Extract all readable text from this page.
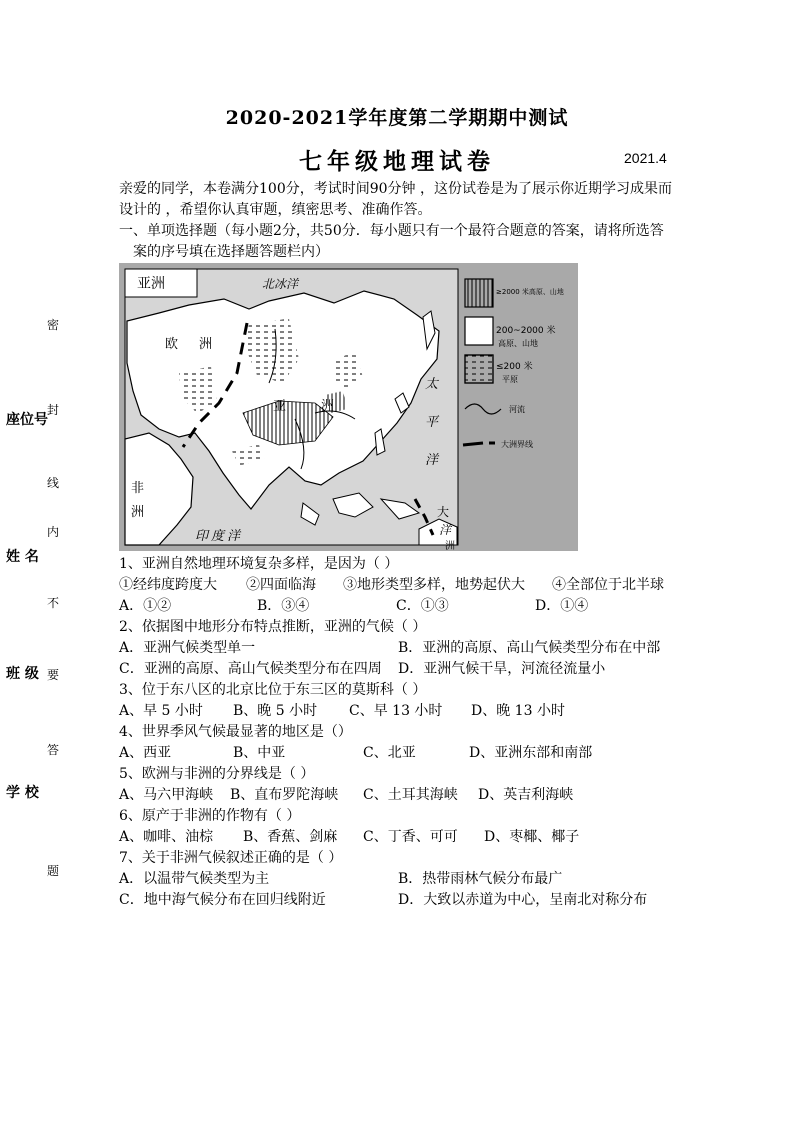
2020-2021学年度第二学期期中测试
七年级地理试卷	2021.4
亲爱的同学，本卷满分100分，考试时间90分钟 ，这份试卷是为了展示你近期学习成果而
设计的 ，希望你认真审题，缜密思考、准确作答。
一、单项选择题（每小题2分，共50分．每小题只有一个最符合题意的答案，请将所选答
案的序号填在选择题答题栏内）
密
封
线
内
不
要
答
题
座位号
姓 名
班 级
学 校
亚洲	北冰洋
欧 洲
亚	洲
太
平
洋
非
洲
印度洋
大
洋
洲
≥2000 米高原、山地
200~2000 米
高原、山地
≤200 米
平原
河流
大洲界线
1、亚洲自然地理环境复杂多样，是因为（ ）
①经纬度跨度大 ②四面临海 ③地形类型多样，地势起伏大 ④全部位于北半球
A．①②	B．③④	C．①③	D．①④
2、依据图中地形分布特点推断，亚洲的气候（ ）
A．亚洲气候类型单一	B．亚洲的高原、高山气候类型分布在中部
C．亚洲的高原、高山气候类型分布在四周 D．亚洲气候干旱，河流径流量小
3、位于东八区的北京比位于东三区的莫斯科（ ）
A、早 5 小时 B、晚 5 小时 C、早 13 小时 D、晚 13 小时
4、世界季风气候最显著的地区是（）
A、西亚	B、中亚	C、北亚	D、亚洲东部和南部
5、欧洲与非洲的分界线是（ ）
A、马六甲海峡 B、直布罗陀海峡 C、土耳其海峡 D、英吉利海峡
6、原产于非洲的作物有（ ）
A、咖啡、油棕 B、香蕉、剑麻 C、丁香、可可 D、枣椰、椰子
7、关于非洲气候叙述正确的是（ ）
A．以温带气候类型为主	B．热带雨林气候分布最广
C．地中海气候分布在回归线附近	D．大致以赤道为中心，呈南北对称分布
